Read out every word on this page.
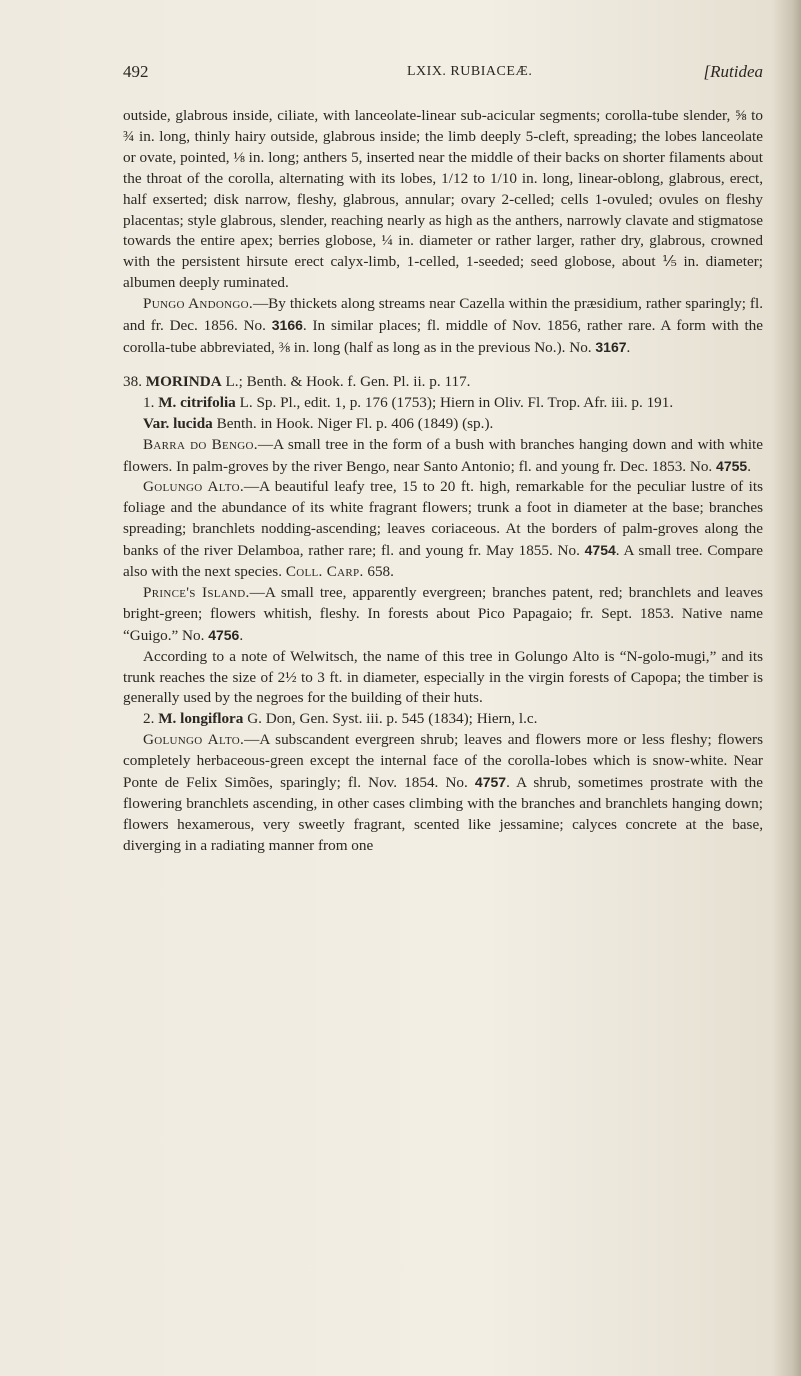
492	LXIX. RUBIACEÆ.	[Rutidea

outside, glabrous inside, ciliate, with lanceolate-linear sub-acicular segments; corolla-tube slender, ⅝ to ¾ in. long, thinly hairy outside, glabrous inside; the limb deeply 5-cleft, spreading; the lobes lanceolate or ovate, pointed, ⅛ in. long; anthers 5, inserted near the middle of their backs on shorter filaments about the throat of the corolla, alternating with its lobes, 1/12 to 1/10 in. long, linear-oblong, glabrous, erect, half exserted; disk narrow, fleshy, glabrous, annular; ovary 2-celled; cells 1-ovuled; ovules on fleshy placentas; style glabrous, slender, reaching nearly as high as the anthers, narrowly clavate and stigmatose towards the entire apex; berries globose, ¼ in. diameter or rather larger, rather dry, glabrous, crowned with the persistent hirsute erect calyx-limb, 1-celled, 1-seeded; seed globose, about ⅕ in. diameter; albumen deeply ruminated.

Pungo Andongo.—By thickets along streams near Cazella within the præsidium, rather sparingly; fl. and fr. Dec. 1856. No. 3166. In similar places; fl. middle of Nov. 1856, rather rare. A form with the corolla-tube abbreviated, ⅜ in. long (half as long as in the previous No.). No. 3167.

38. MORINDA L.; Benth. & Hook. f. Gen. Pl. ii. p. 117.

1. M. citrifolia L. Sp. Pl., edit. 1, p. 176 (1753); Hiern in Oliv. Fl. Trop. Afr. iii. p. 191.

Var. lucida Benth. in Hook. Niger Fl. p. 406 (1849) (sp.).

Barra do Bengo.—A small tree in the form of a bush with branches hanging down and with white flowers. In palm-groves by the river Bengo, near Santo Antonio; fl. and young fr. Dec. 1853. No. 4755.

Golungo Alto.—A beautiful leafy tree, 15 to 20 ft. high, remarkable for the peculiar lustre of its foliage and the abundance of its white fragrant flowers; trunk a foot in diameter at the base; branches spreading; branchlets nodding-ascending; leaves coriaceous. At the borders of palm-groves along the banks of the river Delamboa, rather rare; fl. and young fr. May 1855. No. 4754. A small tree. Compare also with the next species. Coll. Carp. 658.

Prince's Island.—A small tree, apparently evergreen; branches patent, red; branchlets and leaves bright-green; flowers whitish, fleshy. In forests about Pico Papagaio; fr. Sept. 1853. Native name “Guigo.” No. 4756.

According to a note of Welwitsch, the name of this tree in Golungo Alto is “N-golo-mugi,” and its trunk reaches the size of 2½ to 3 ft. in diameter, especially in the virgin forests of Capopa; the timber is generally used by the negroes for the building of their huts.

2. M. longiflora G. Don, Gen. Syst. iii. p. 545 (1834); Hiern, l.c.

Golungo Alto.—A subscandent evergreen shrub; leaves and flowers more or less fleshy; flowers completely herbaceous-green except the internal face of the corolla-lobes which is snow-white. Near Ponte de Felix Simões, sparingly; fl. Nov. 1854. No. 4757. A shrub, sometimes prostrate with the flowering branchlets ascending, in other cases climbing with the branches and branchlets hanging down; flowers hexamerous, very sweetly fragrant, scented like jessamine; calyces concrete at the base, diverging in a radiating manner from one
